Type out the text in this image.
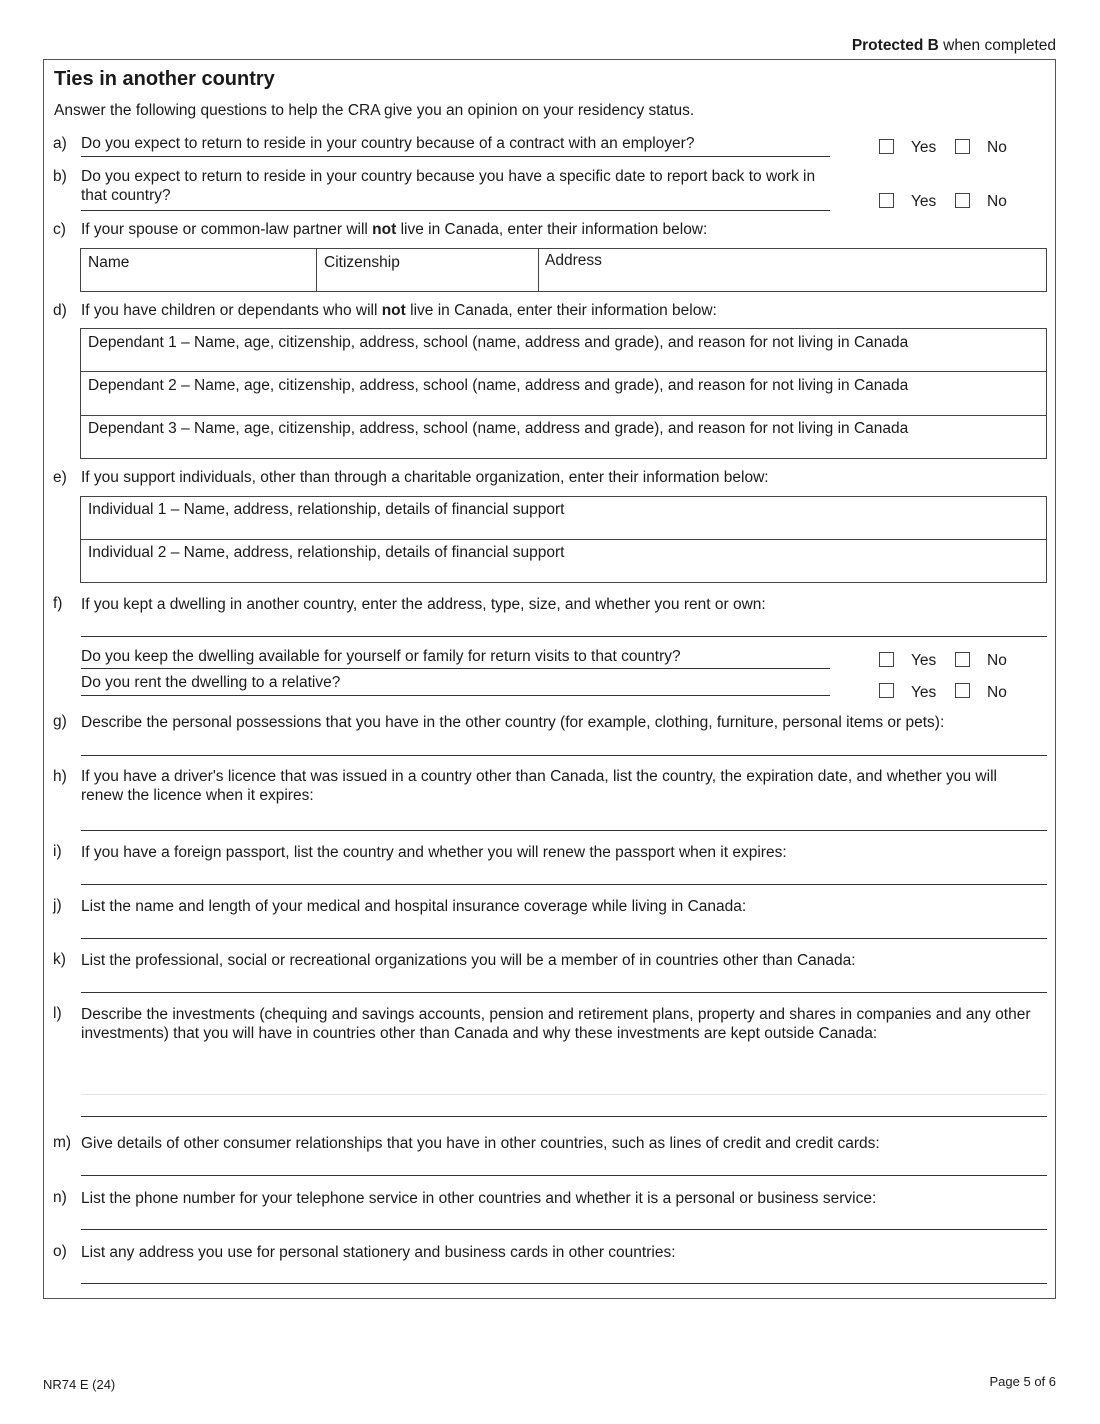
Protected B when completed
Ties in another country
Answer the following questions to help the CRA give you an opinion on your residency status.
a) Do you expect to return to reside in your country because of a contract with an employer?	Yes	No
b) Do you expect to return to reside in your country because you have a specific date to report back to work in that country?	Yes	No
c) If your spouse or common-law partner will not live in Canada, enter their information below:
Name	Citizenship	Address
d) If you have children or dependants who will not live in Canada, enter their information below:
Dependant 1 – Name, age, citizenship, address, school (name, address and grade), and reason for not living in Canada
Dependant 2 – Name, age, citizenship, address, school (name, address and grade), and reason for not living in Canada
Dependant 3 – Name, age, citizenship, address, school (name, address and grade), and reason for not living in Canada
e) If you support individuals, other than through a charitable organization, enter their information below:
Individual 1 – Name, address, relationship, details of financial support
Individual 2 – Name, address, relationship, details of financial support
f) If you kept a dwelling in another country, enter the address, type, size, and whether you rent or own:
Do you keep the dwelling available for yourself or family for return visits to that country?	Yes	No
Do you rent the dwelling to a relative?
Yes	No
g) Describe the personal possessions that you have in the other country (for example, clothing, furniture, personal items or pets):
h) If you have a driver's licence that was issued in a country other than Canada, list the country, the expiration date, and whether you will renew the licence when it expires:
i) If you have a foreign passport, list the country and whether you will renew the passport when it expires:
j) List the name and length of your medical and hospital insurance coverage while living in Canada:
k) List the professional, social or recreational organizations you will be a member of in countries other than Canada:
l) Describe the investments (chequing and savings accounts, pension and retirement plans, property and shares in companies and any other investments) that you will have in countries other than Canada and why these investments are kept outside Canada:
m) Give details of other consumer relationships that you have in other countries, such as lines of credit and credit cards:
n) List the phone number for your telephone service in other countries and whether it is a personal or business service:
o) List any address you use for personal stationery and business cards in other countries:
NR74 E (24)	Page 5 of 6
